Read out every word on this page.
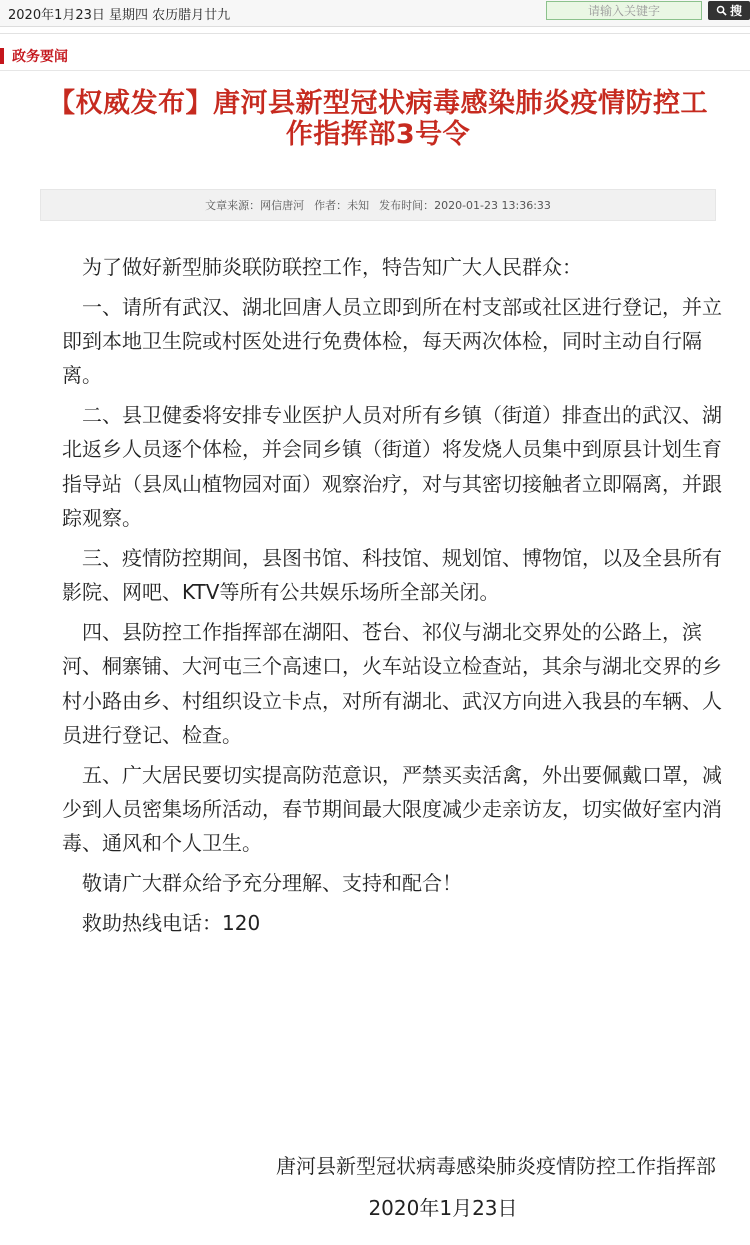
2020年1月23日 星期四 农历腊月廿九
请输入关键字	搜
政务要闻
【权威发布】唐河县新型冠状病毒感染肺炎疫情防控工作指挥部3号令
文章来源：网信唐河 作者：未知 发布时间：2020-01-23 13:36:33

为了做好新型肺炎联防联控工作，特告知广大人民群众：

一、请所有武汉、湖北回唐人员立即到所在村支部或社区进行登记，并立即到本地卫生院或村医处进行免费体检，每天两次体检，同时主动自行隔离。

二、县卫健委将安排专业医护人员对所有乡镇（街道）排查出的武汉、湖北返乡人员逐个体检，并会同乡镇（街道）将发烧人员集中到原县计划生育指导站（县凤山植物园对面）观察治疗，对与其密切接触者立即隔离，并跟踪观察。

三、疫情防控期间，县图书馆、科技馆、规划馆、博物馆，以及全县所有影院、网吧、KTV等所有公共娱乐场所全部关闭。

四、县防控工作指挥部在湖阳、苍台、祁仪与湖北交界处的公路上，滨河、桐寨铺、大河屯三个高速口，火车站设立检查站，其余与湖北交界的乡村小路由乡、村组织设立卡点，对所有湖北、武汉方向进入我县的车辆、人员进行登记、检查。

五、广大居民要切实提高防范意识，严禁买卖活禽，外出要佩戴口罩，减少到人员密集场所活动，春节期间最大限度减少走亲访友，切实做好室内消毒、通风和个人卫生。

敬请广大群众给予充分理解、支持和配合！

救助热线电话：120

唐河县新型冠状病毒感染肺炎疫情防控工作指挥部
2020年1月23日
